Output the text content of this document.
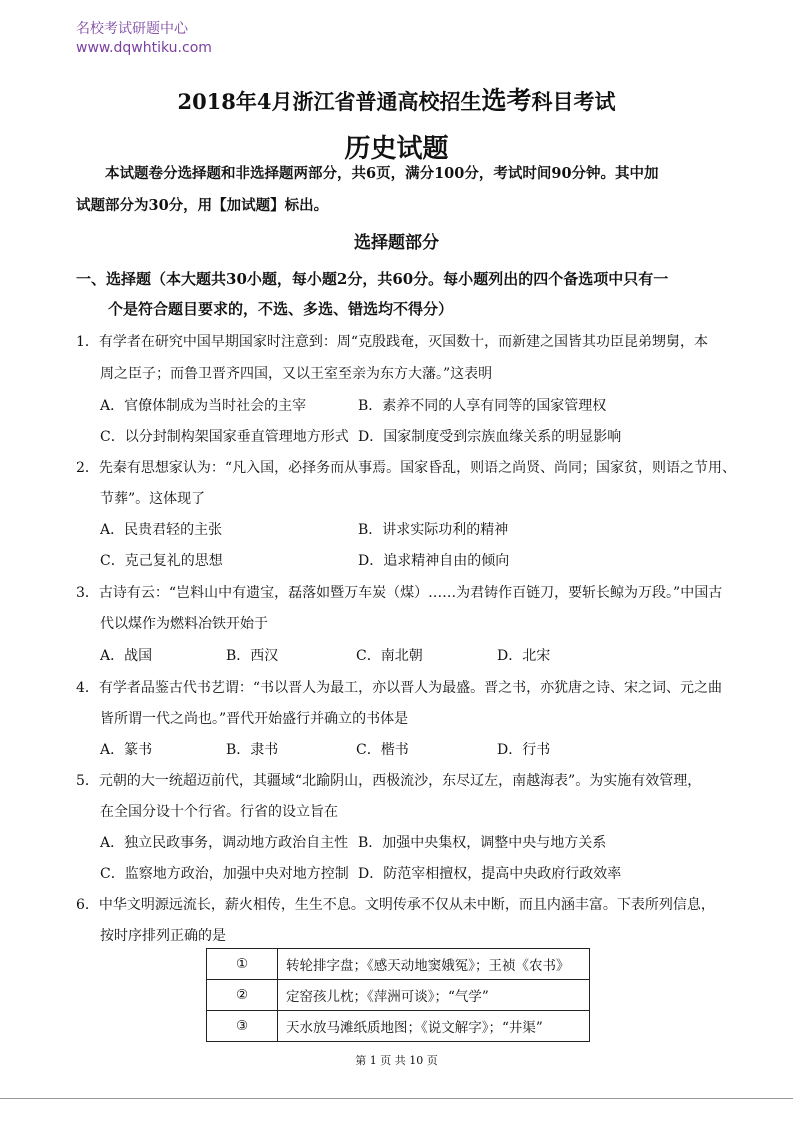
名校考试研题中心
www.dqwhtiku.com
2018年4月浙江省普通高校招生选考科目考试
历史试题
本试题卷分选择题和非选择题两部分，共6页，满分100分，考试时间90分钟。其中加
试题部分为30分，用【加试题】标出。
选择题部分
一、选择题（本大题共30小题，每小题2分，共60分。每小题列出的四个备选项中只有一
个是符合题目要求的，不选、多选、错选均不得分）
1．有学者在研究中国早期国家时注意到：周“克殷践奄，灭国数十，而新建之国皆其功臣昆弟甥舅，本
周之臣子；而鲁卫晋齐四国，又以王室至亲为东方大藩。”这表明
A．官僚体制成为当时社会的主宰	B．素养不同的人享有同等的国家管理权
C．以分封制构架国家垂直管理地方形式 D．国家制度受到宗族血缘关系的明显影响
2．先秦有思想家认为：“凡入国，必择务而从事焉。国家昏乱，则语之尚贤、尚同；国家贫，则语之节用、
节葬”。这体现了
A．民贵君轻的主张	B．讲求实际功利的精神
C．克己复礼的思想	D．追求精神自由的倾向
3．古诗有云：“岂料山中有遗宝，磊落如暨万车炭（煤）……为君铸作百链刀，要斩长鲸为万段。”中国古
代以煤作为燃料冶铁开始于
A．战国	B．西汉	C．南北朝	D．北宋
4．有学者品鉴古代书艺谓：“书以晋人为最工，亦以晋人为最盛。晋之书，亦犹唐之诗、宋之词、元之曲
皆所谓一代之尚也。”晋代开始盛行并确立的书体是
A．篆书	B．隶书	C．楷书	D．行书
5．元朝的大一统超迈前代，其疆域“北踰阴山，西极流沙，东尽辽左，南越海表”。为实施有效管理，
在全国分设十个行省。行省的设立旨在
A．独立民政事务，调动地方政治自主性 B．加强中央集权，调整中央与地方关系
C．监察地方政治，加强中央对地方控制 D．防范宰相擅权，提高中央政府行政效率
6．中华文明源远流长，薪火相传，生生不息。文明传承不仅从未中断，而且内涵丰富。下表所列信息，
按时序排列正确的是
①	转轮排字盘；《感天动地窦娥冤》；王祯《农书》
②	定窑孩儿枕；《萍洲可谈》；“气学”
③	天水放马滩纸质地图；《说文解字》；“井渠”
第 1 页 共 10 页
